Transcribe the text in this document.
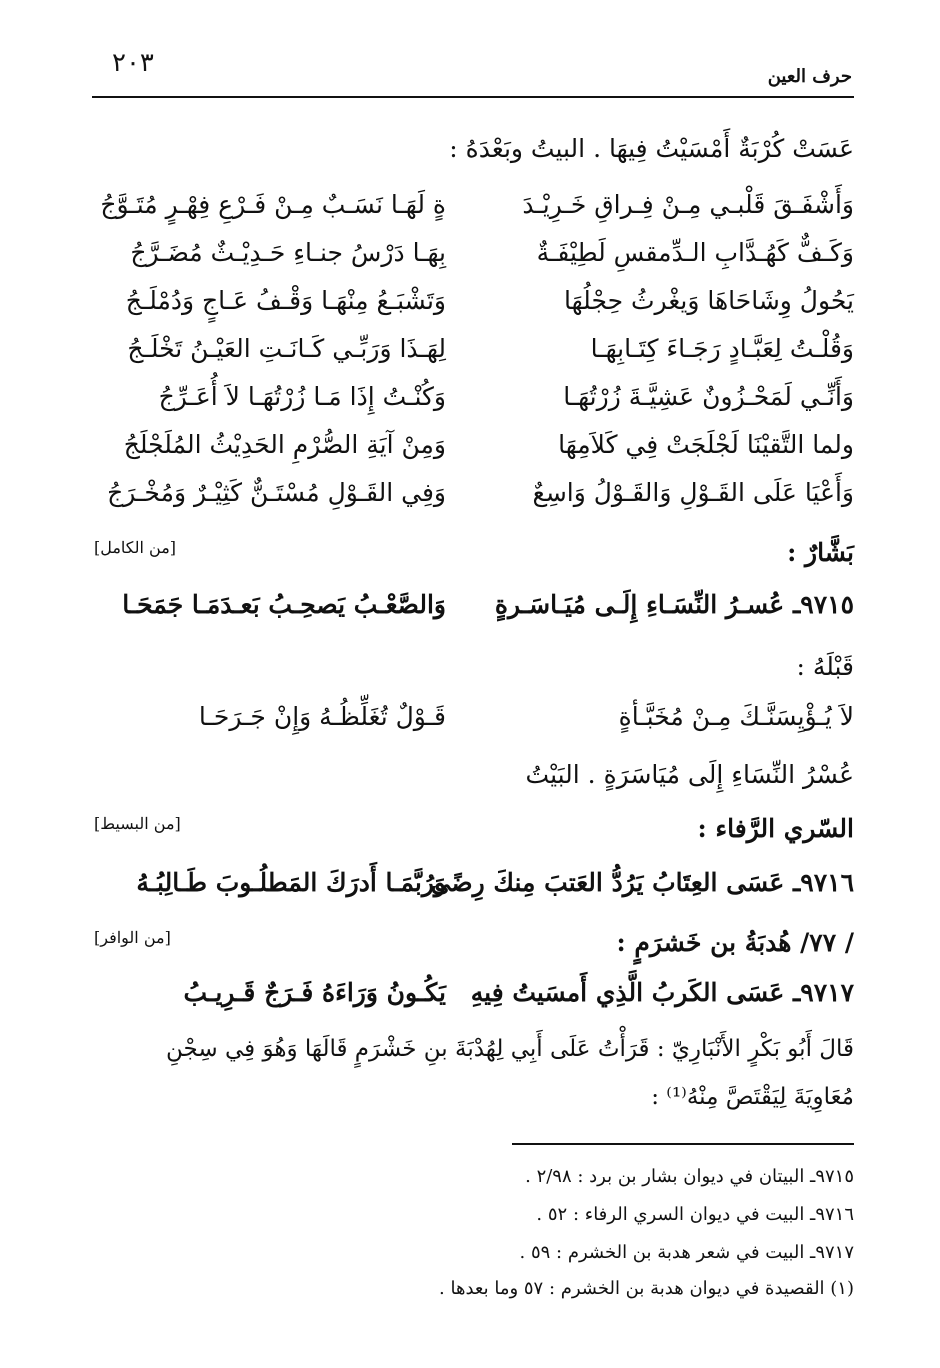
٢٠٣	حرف العين
عَسَتْ كُرْبَةٌ أَمْسَيْتُ فِيهَا . البيتُ وبَعْدَهُ :
وَأَشْفَـقَ قَلْبـي مِـنْ فِـراقِ خَـرِيْـدَ
ةٍ لَهَـا نَسَـبٌ مِـنْ فَـرْعِ فِهْـرٍ مُتَـوَّجُ
وَكَـفٌّ كَهُـدَّابِ الـدِّمقسِ لَطِيْفَـةٌ
بِهَـا دَرْسُ جنـاءِ حَـدِيْـثٌ مُضَـرَّجُ
يَحُولُ وِشَاحَاهَا وَيغْرثُ حِجْلُهَا
وَتَشْبَـعُ مِنْهَـا وَقْـفُ عَـاجٍ وَدُمْلَـجُ
وَقُلْـتُ لِعَبَّـادٍ رَجَـاءَ كِتَـابِهَـا
لِهَـذَا وَرَبِّـي كَـانَـتِ العَيْـنُ تَخْلَـجُ
وَأَنِّـي لَمَحْـزُونٌ عَشِيَّـةَ زُرْتُهَـا
وَكُنْـتُ إِذَا مَـا زُرْتُهَـا لاَ أُعَـرِّجُ
ولما التَّقيْنَا لَجْلَجَتْ فِي كَلاَمِهَا
وَمِنْ آيَةِ الصُّرْمِ الحَدِيْثُ المُلَجْلَجُ
وَأَعْيَا عَلَى القَـوْلِ وَالقَـوْلُ وَاسِعٌ
وَفِي القَـوْلِ مُسْتَـنٌّ كَثِيْـرٌ وَمُخْـرَجُ
[من الكامل]	بَشَّارٌ :
٩٧١٥ـ عُسـرُ النِّسَـاءِ إِلَـى مُيَـاسَـرةٍ
وَالصَّعْـبُ يَصحِـبُ بَعـدَمَـا جَمَحَـا
قَبْلَهُ :
لاَ يُـؤْيِسَنَّـكَ مِـنْ مُخَبَّـأةٍ
قَـوْلٌ تُغَلِّظُـهُ وَإِنْ جَـرَحَـا
عُسْرُ النِّسَاءِ إِلَى مُيَاسَرَةٍ . البَيْتُ
[من البسيط]	السّري الرَّفاء :
٩٧١٦ـ عَسَى العِتَابُ يَرُدُّ العَتبَ مِنكَ رِضًى
وَرُبَّمَـا أَدرَكَ المَطلُـوبَ طَـالِبُـهُ
[من الوافر]	/ ٧٧/ هُدبَةُ بن خَشرَمٍ :
٩٧١٧ـ عَسَى الكَربُ الَّذِي أَمسَيتُ فِيهِ
يَكُـونُ وَرَاءَهُ فَـرَجٌ قَـرِيـبُ
قَالَ أَبُو بَكْرٍ الأَنْبَارِيّ : قَرَأْتُ عَلَى أَبِي لِهُدْبَةَ بنِ خَشْرَمٍ قَالَهَا وَهُوَ فِي سِجْنِ
مُعَاوِيَةَ لِيَقْتَصَّ مِنْهُ⁽¹⁾ :
٩٧١٥ـ البيتان في ديوان بشار بن برد : ٢/٩٨ .
٩٧١٦ـ البيت في ديوان السري الرفاء : ٥٢ .
٩٧١٧ـ البيت في شعر هدبة بن الخشرم : ٥٩ .
(١) القصيدة في ديوان هدبة بن الخشرم : ٥٧ وما بعدها .
